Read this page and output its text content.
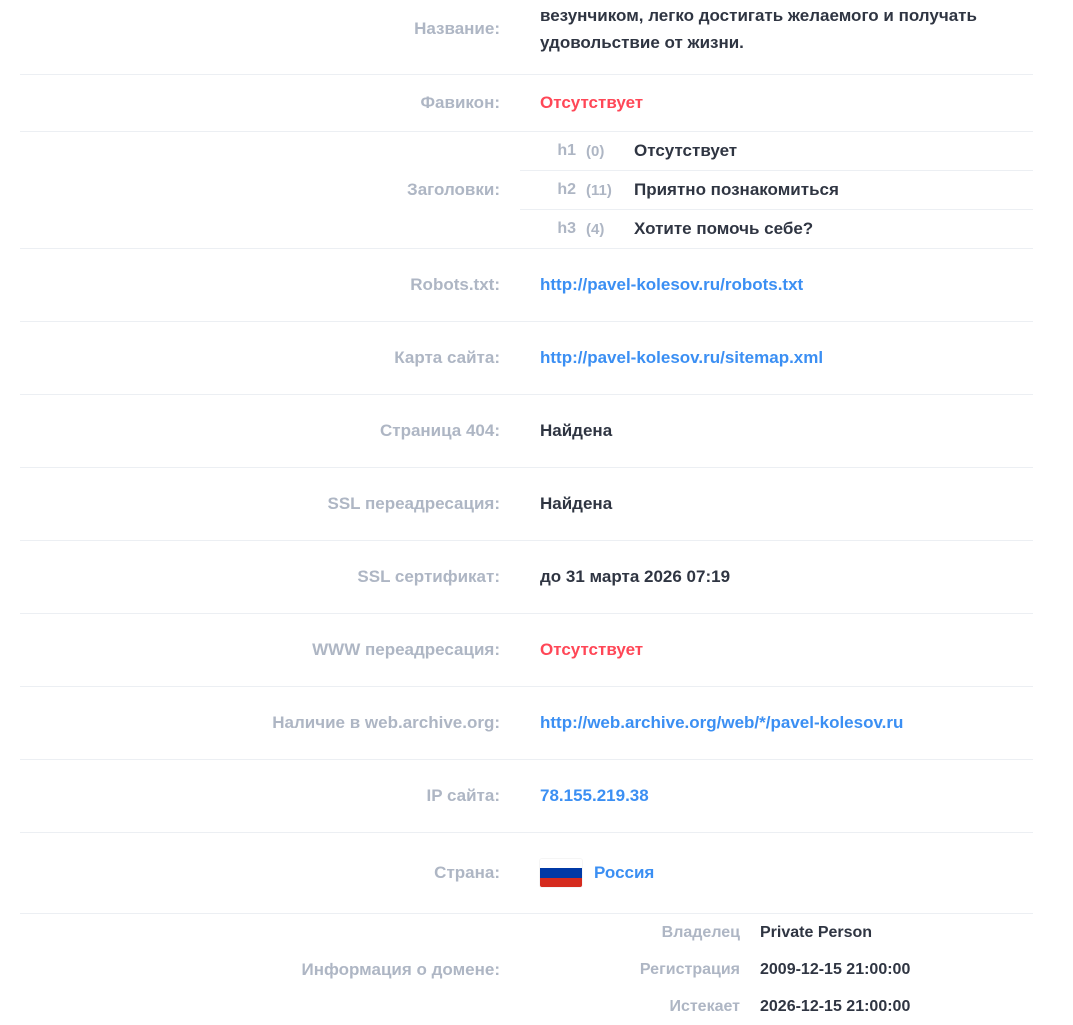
Название:
везунчиком, легко достигать желаемого и получать удовольствие от жизни.
Фавикон:	Отсутствует
Заголовки:
h1 (0)	Отсутствует
h2 (11)	Приятно познакомиться
h3 (4)	Хотите помочь себе?
Robots.txt:	http://pavel-kolesov.ru/robots.txt
Карта сайта:	http://pavel-kolesov.ru/sitemap.xml
Страница 404:	Найдена
SSL переадресация:	Найдена
SSL сертификат:	до 31 марта 2026 07:19
WWW переадресация:	Отсутствует
Наличие в web.archive.org:	http://web.archive.org/web/*/pavel-kolesov.ru
IP сайта:	78.155.219.38
Страна:	Россия
Информация о домене:
Владелец	Private Person
Регистрация	2009-12-15 21:00:00
Истекает	2026-12-15 21:00:00
